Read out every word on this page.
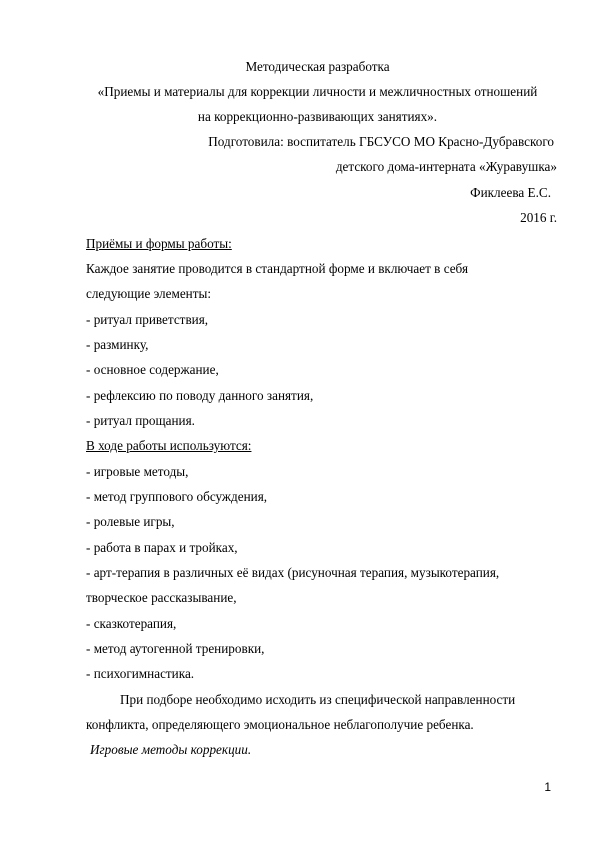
Методическая разработка
«Приемы и материалы для коррекции личности и межличностных отношений
на коррекционно-развивающих занятиях».
Подготовила: воспитатель ГБСУСО МО Красно-Дубравского
детского дома-интерната «Журавушка»
Фиклеева Е.С.
2016 г.
Приёмы и формы работы:
Каждое занятие проводится в стандартной форме и включает в себя
следующие элементы:
- ритуал приветствия,
- разминку,
- основное содержание,
- рефлексию по поводу данного занятия,
- ритуал прощания.
В ходе работы используются:
- игровые методы,
- метод группового обсуждения,
- ролевые игры,
- работа в парах и тройках,
- арт-терапия в различных её видах (рисуночная терапия, музыкотерапия,
творческое рассказывание,
- сказкотерапия,
- метод аутогенной тренировки,
- психогимнастика.
При подборе необходимо исходить из специфической направленности
конфликта, определяющего эмоциональное неблагополучие ребенка.
Игровые методы коррекции.
1
